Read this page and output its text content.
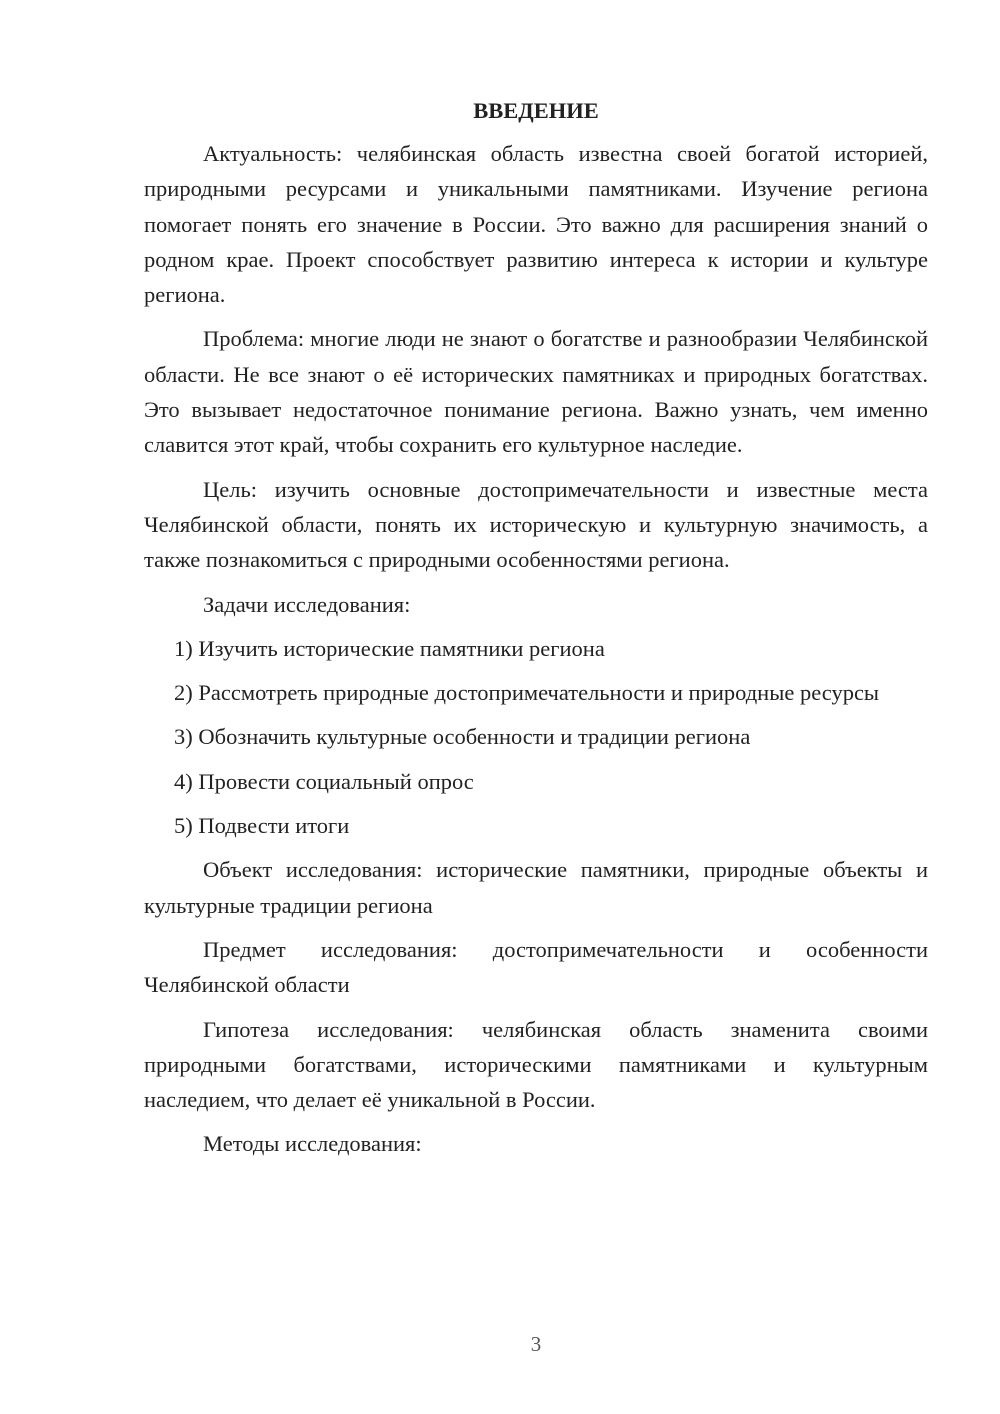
ВВЕДЕНИЕ

Актуальность: челябинская область известна своей богатой историей, природными ресурсами и уникальными памятниками. Изучение региона помогает понять его значение в России. Это важно для расширения знаний о родном крае. Проект способствует развитию интереса к истории и культуре региона.

Проблема: многие люди не знают о богатстве и разнообразии Челябинской области. Не все знают о её исторических памятниках и природных богатствах. Это вызывает недостаточное понимание региона. Важно узнать, чем именно славится этот край, чтобы сохранить его культурное наследие.

Цель: изучить основные достопримечательности и известные места Челябинской области, понять их историческую и культурную значимость, а также познакомиться с природными особенностями региона.

Задачи исследования:

1) Изучить исторические памятники региона
2) Рассмотреть природные достопримечательности и природные ресурсы
3) Обозначить культурные особенности и традиции региона
4) Провести социальный опрос
5) Подвести итоги

Объект исследования: исторические памятники, природные объекты и культурные традиции региона

Предмет исследования: достопримечательности и особенности Челябинской области

Гипотеза исследования: челябинская область знаменита своими природными богатствами, историческими памятниками и культурным наследием, что делает её уникальной в России.

Методы исследования:

3
